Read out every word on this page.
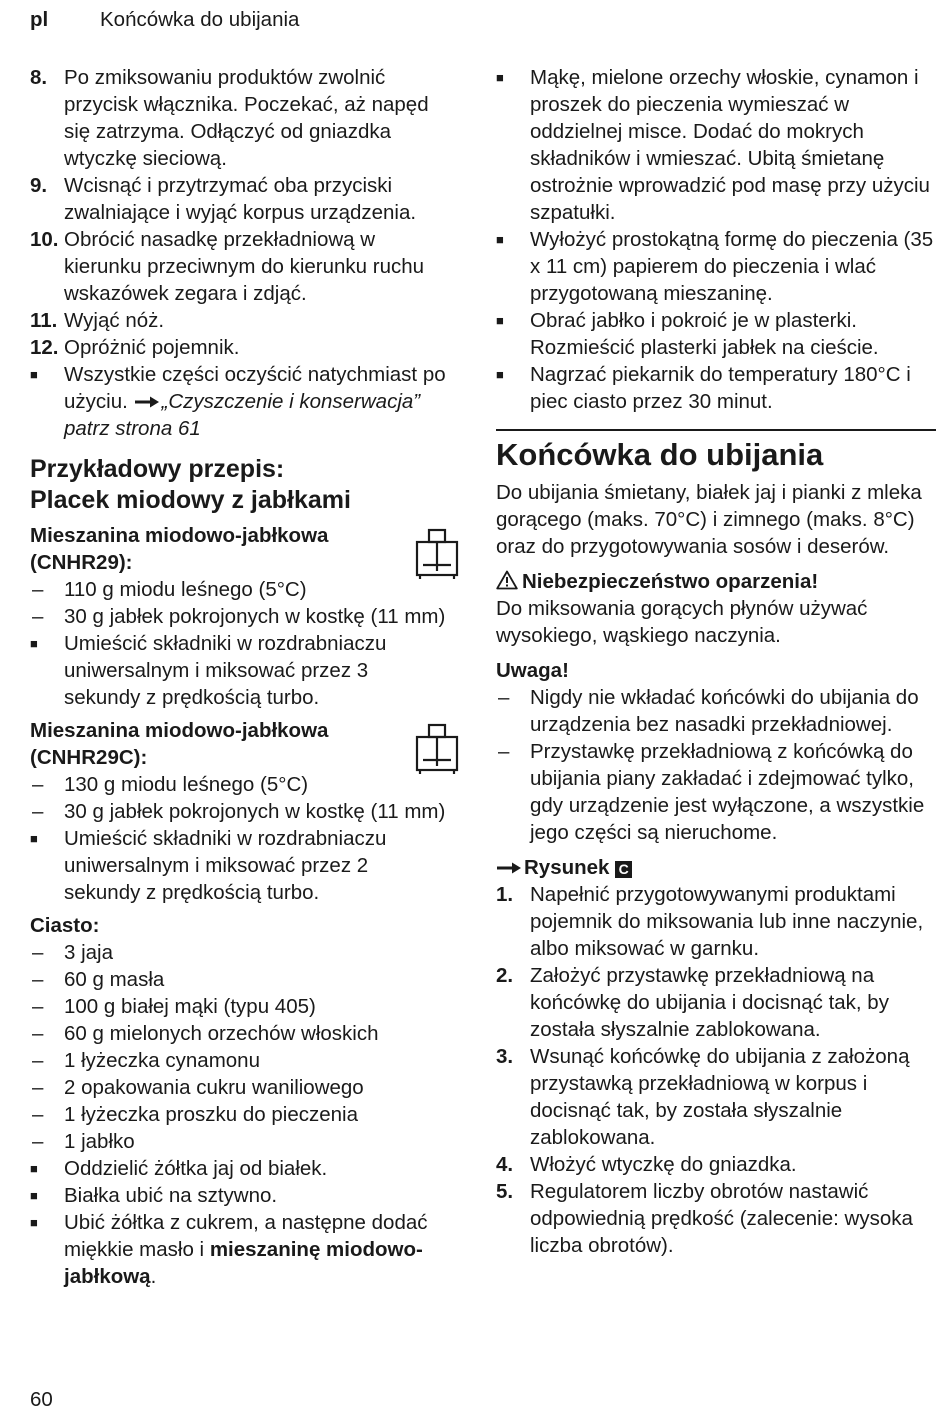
pl	Końcówka do ubijania
8. Po zmiksowaniu produktów zwolnić przycisk włącznika. Poczekać, aż napęd się zatrzyma. Odłączyć od gniazdka wtyczkę sieciową.
9. Wcisnąć i przytrzymać oba przyciski zwalniające i wyjąć korpus urządzenia.
10. Obrócić nasadkę przekładniową w kierunku przeciwnym do kierunku ruchu wskazówek zegara i zdjąć.
11. Wyjąć nóż.
12. Opróżnić pojemnik.
■ Wszystkie części oczyścić natychmiast po użyciu. „Czyszczenie i konserwacja” patrz strona 61
Przykładowy przepis:
Placek miodowy z jabłkami
Mieszanina miodowo-jabłkowa (CNHR29):
– 110 g miodu leśnego (5°C)
– 30 g jabłek pokrojonych w kostkę (11 mm)
■ Umieścić składniki w rozdrabniaczu uniwersalnym i miksować przez 3 sekundy z prędkością turbo.
Mieszanina miodowo-jabłkowa (CNHR29C):
– 130 g miodu leśnego (5°C)
– 30 g jabłek pokrojonych w kostkę (11 mm)
■ Umieścić składniki w rozdrabniaczu uniwersalnym i miksować przez 2 sekundy z prędkością turbo.
Ciasto:
– 3 jaja
– 60 g masła
– 100 g białej mąki (typu 405)
– 60 g mielonych orzechów włoskich
– 1 łyżeczka cynamonu
– 2 opakowania cukru waniliowego
– 1 łyżeczka proszku do pieczenia
– 1 jabłko
■ Oddzielić żółtka jaj od białek.
■ Białka ubić na sztywno.
■ Ubić żółtka z cukrem, a następne dodać miękkie masło i mieszaninę miodowo-jabłkową.
■ Mąkę, mielone orzechy włoskie, cynamon i proszek do pieczenia wymieszać w oddzielnej misce. Dodać do mokrych składników i wmieszać. Ubitą śmietanę ostrożnie wprowadzić pod masę przy użyciu szpatułki.
■ Wyłożyć prostokątną formę do pieczenia (35 x 11 cm) papierem do pieczenia i wlać przygotowaną mieszaninę.
■ Obrać jabłko i pokroić je w plasterki. Rozmieścić plasterki jabłek na cieście.
■ Nagrzać piekarnik do temperatury 180°C i piec ciasto przez 30 minut.
Końcówka do ubijania
Do ubijania śmietany, białek jaj i pianki z mleka gorącego (maks. 70°C) i zimnego (maks. 8°C) oraz do przygotowywania sosów i deserów.
Niebezpieczeństwo oparzenia!
Do miksowania gorących płynów używać wysokiego, wąskiego naczynia.
Uwaga!
– Nigdy nie wkładać końcówki do ubijania do urządzenia bez nasadki przekładniowej.
– Przystawkę przekładniową z końcówką do ubijania piany zakładać i zdejmować tylko, gdy urządzenie jest wyłączone, a wszystkie jego części są nieruchome.
Rysunek C
1. Napełnić przygotowywanymi produktami pojemnik do miksowania lub inne naczynie, albo miksować w garnku.
2. Założyć przystawkę przekładniową na końcówkę do ubijania i docisnąć tak, by została słyszalnie zablokowana.
3. Wsunąć końcówkę do ubijania z założoną przystawką przekładniową w korpus i docisnąć tak, by została słyszalnie zablokowana.
4. Włożyć wtyczkę do gniazdka.
5. Regulatorem liczby obrotów nastawić odpowiednią prędkość (zalecenie: wysoka liczba obrotów).
60
